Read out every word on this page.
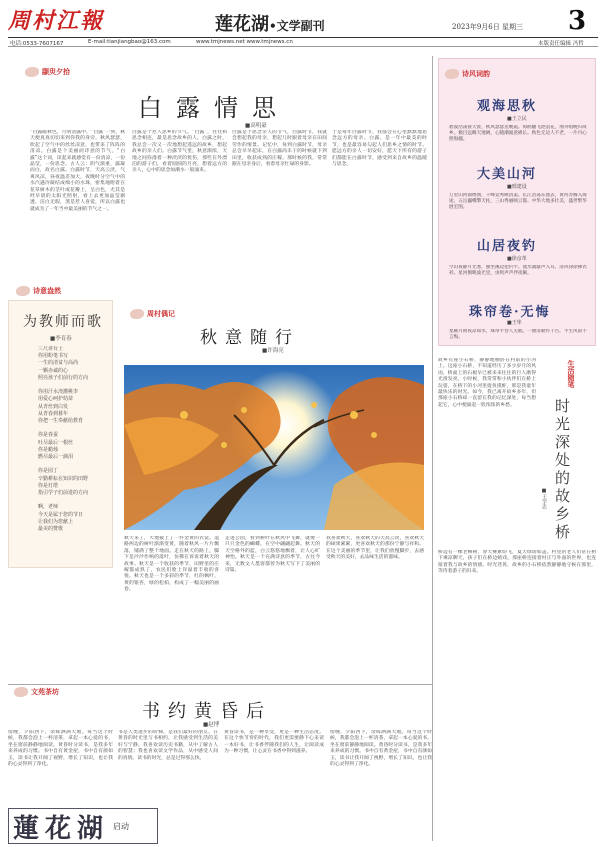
周村江報	莲花湖•文学副刊	2023年9月6日 星期三 3
电话:0533-7607167	E-mail:tianjiangbao@163.com	www.tmjnews.net www.tmjnews.cn	本版责任编辑 冯哲
颛臾夕拾
白露情思
■高明豪
“白露暖秋色，月明清露中。”“白露”一到，秋天便真真切切来到你我的身旁。秋风瑟瑟，吹起了空气中的丝丝凉意，也带来了阵阵的清凉。白露是个美丽而诗意的节气。“白露”这个词，读起来就感觉有一份清凉，一份晶莹，一份思念。古人云：阴气渐重，露凝而白，故名白露。白露时节，天高云淡，气爽风凉，昼夜温差加大，夜晚时分空气中的水汽遇冷凝结成细小的水珠，密集地附着在花草树木的茎叶或花瓣上，呈白色，尤其是经早晨的太阳光照射，看上去更加晶莹剔透、洁白无瑕，煞是惹人喜爱，所以白露也就成为了一年当中最美丽的节气之一。
白露是个惹人思乡的节气。“白露”，往往和思念相连，最是思念故乡的人，白露之时，我总会一次又一次地想起遥远的故乡，想起故乡的亲人们。白露节气里，秋意渐浓，天地之间弥漫着一种淡淡的忧伤，那些在外漂泊的游子们，看着圆圆的月亮，想着远方的亲人，心中的思念如潮水一般涌来。
白露是个思念亲人的节气，白露时节，我就会想起我的母亲，想起儿时跟着母亲在田间劳作的情景。记忆中，每到白露时节，母亲总会早早起床，在白露尚未干的时候就下到田里，收获成熟的庄稼。那时候的我，常常跟在母亲身后，看着母亲忙碌的身影。
于是每年白露时节，我都会在心里默默地思念远方的母亲。白露，是一年中最美的时节，也是最容易勾起人们思乡之情的时节。愿远方的亲人一切安好，愿天下所有的游子们都能在白露时节，感受到来自故乡的温暖与思念。
诗风词韵
观海思秋
■王立民
碧波浩荡接天涯，秋风瑟瑟送晚霞。海鸥翻飞逐浪花，渔舟唱晚归故乡。极目远眺天地阔，心随潮涌意绵长。秋色无边人不老，一片丹心照海疆。
大美山河
■邢建设
万里山河锦绣图，千峰竞秀映清渠。长江浩荡东流去，黄河奔腾入海途。五岳巍峨擎天柱，三山秀丽映云都。中华大地多壮美，盛世繁华展宏图。
山居夜钓
■徐彦革
空山夜静月光寒，独坐溪边把钓竿。流水潺潺声入耳，清风徐徐拂衣衫。星河倒映波光里，虫鸣声声伴夜阑。
珠帘卷·无悔
■王隼
星稀月朗夜凉如水，珠帘半卷人无眠。一曲清歌传千古，半生风雨不言悔。
诗意盎然
为教师而歌
■李育春
三尺讲台上
你用粉笔书写
一生的清贫与高尚
一颗赤诚的心
照亮孩子们前行的方向

你用汗水浇灌桃李
用爱心呵护幼苗
从青丝到白发
从青春到暮年
你把一生奉献给教育

你是春蚕
吐尽最后一根丝
你是蜡烛
燃尽最后一滴泪

你是园丁
辛勤耕耘在知识的田野
你是灯塔
指引学子们前进的方向

啊，老师
今天是属于您的节日
让我们为您献上
最美的赞歌
周村偶记
秋意随行
■许海亮
秋天来了，大地披上了一件金黄的衣裳。道路两边的树叶渐渐变黄，随着秋风一片片飘落，铺满了整个地面。走在秋天的路上，脚下是沙沙作响的落叶，仿佛在诉说着秋天的故事。秋天是一个收获的季节，田野里的庄稼都成熟了，农民们脸上洋溢着丰收的喜悦。秋天也是一个多彩的季节，红的枫叶，黄的银杏，绿的松柏，构成了一幅美丽的画卷。
走进公园，看到树叶在秋风中飞舞，就像一只只金色的蝴蝶，在空中翩翩起舞。秋天的天空格外的蓝，白云悠悠地飘着，让人心旷神怡。秋天是一个充满诗意的季节，古往今来，无数文人墨客都曾为秋天写下了美丽的诗篇。
我喜欢秋天，喜欢秋天的天高云淡，喜欢秋天的硕果累累，更喜欢秋天的那份宁静与祥和。在这个美丽的季节里，让我们放慢脚步，去感受秋天的美好，去品味生活的滋味。
生活随笔
时光深处的故乡桥
■王学忠
故乡有座小石桥，静静地横卧在村前的小河上。这座小石桥，不知道经历了多少岁月的风雨，桥面上的石板早已被来来往往的行人磨得光滑发亮。小时候，我常常和小伙伴们在桥上玩耍，在桥下的小河里捉鱼摸虾，那是我童年最快乐的时光。如今，我已离开故乡多年，但那座小石桥却一直留在我的记忆深处，每当想起它，心中便涌起一股浓浓的乡愁。
桥边有一棵老柳树，春天柳絮纷飞，夏天绿荫如盖。村里的老人们常在树下乘凉聊天，孩子们在桥边嬉戏。那座桥连接着村庄与外面的世界，也连接着我与故乡的情感。时光荏苒，故乡的小石桥依然静静地守候在那里，等待着游子的归来。
文苑茶坊
书约黄昏后
■赵博
傍晚，夕阳西下，余晖洒满大地。每当这个时候，我都会泡上一杯清茶，拿起一本心爱的书，坐在窗前静静地阅读。黄昏时分读书，是我多年来养成的习惯。书中自有黄金屋，书中自有颜如玉，读书让我开阔了视野，增长了知识，也让我的心灵得到了净化。
书是人类进步的阶梯，是我们最好的朋友。在黄昏的时光里与书相约，让我感受到生活的美好与宁静。我喜欢读历史书籍，从中了解古人的智慧；我也喜欢读文学作品，从中感受人间的真情。读书的时光，总是过得那么快。
黄昏读书，是一种享受，更是一种生活态度。在这个快节奏的时代，我们更需要静下心来读一本好书，让书香伴随我们的人生，让阅读成为一种习惯，让心灵在书香中得到滋养。
傍晚，夕阳西下，余晖洒满大地。每当这个时候，我都会泡上一杯清茶，拿起一本心爱的书，坐在窗前静静地阅读。黄昏时分读书，是我多年来养成的习惯。书中自有黄金屋，书中自有颜如玉，读书让我开阔了视野，增长了知识，也让我的心灵得到了净化。
蓮花湖 启动
